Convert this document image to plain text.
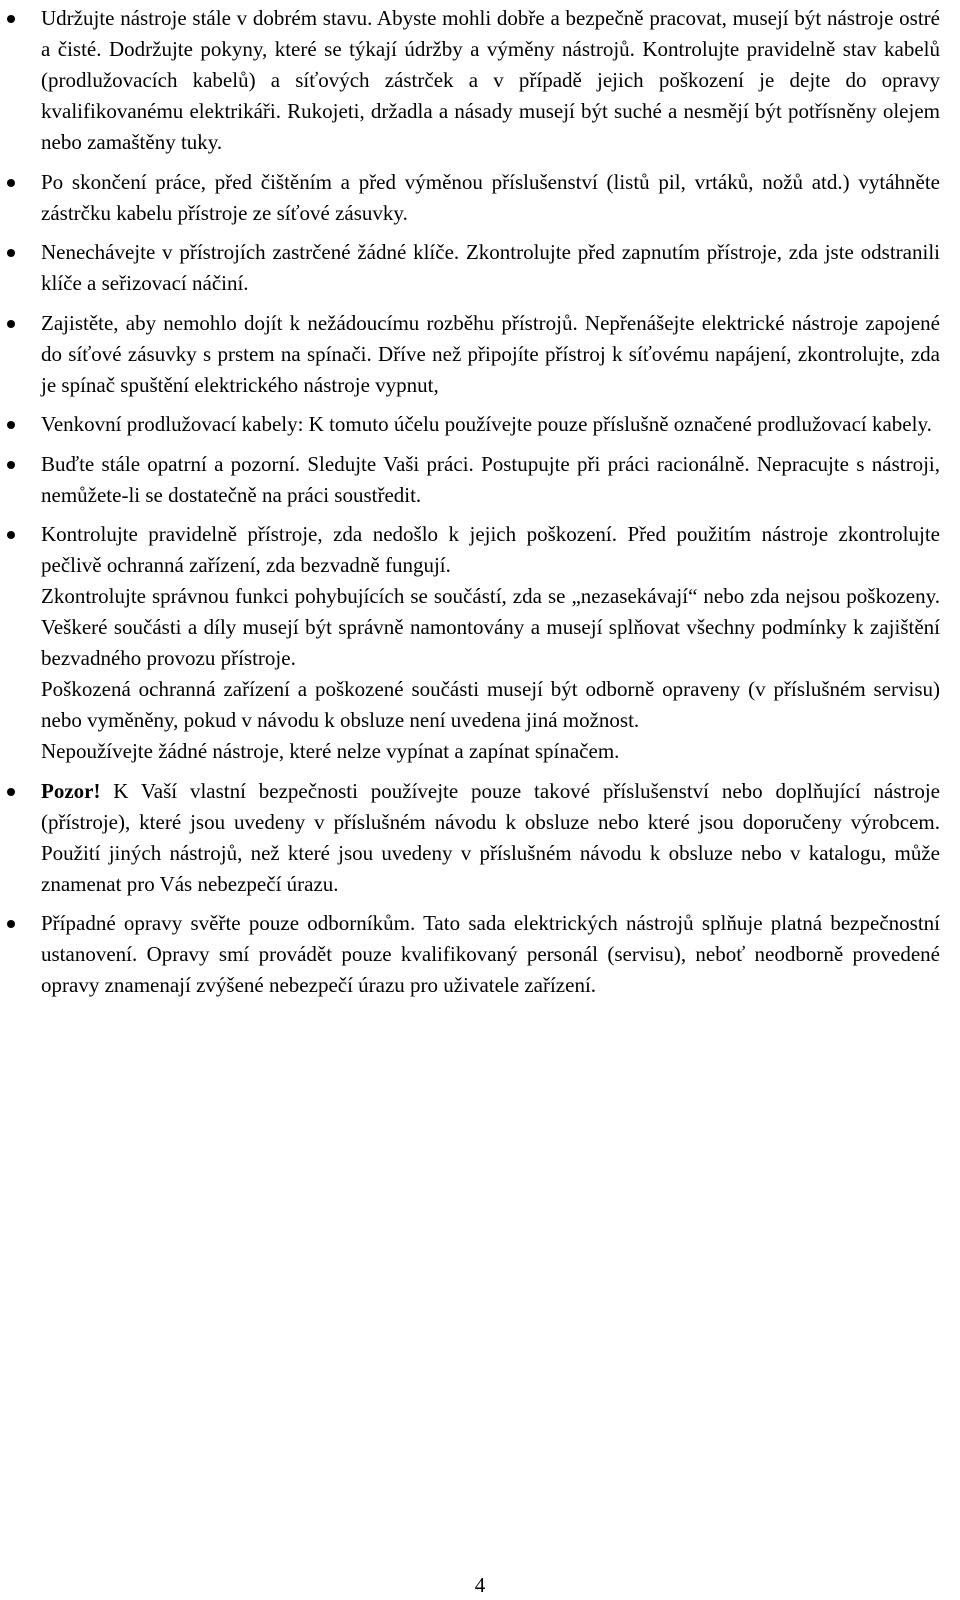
Udržujte nástroje stále v dobrém stavu. Abyste mohli dobře a bezpečně pracovat, musejí být nástroje ostré a čisté. Dodržujte pokyny, které se týkají údržby a výměny nástrojů. Kontrolujte pravidelně stav kabelů (prodlužovacích kabelů) a síťových zástrček a v případě jejich poškození je dejte do opravy kvalifikovanému elektrikáři. Rukojeti, držadla a násady musejí být suché a nesmějí být potřísněny olejem nebo zamaštěny tuky.

Po skončení práce, před čištěním a před výměnou příslušenství (listů pil, vrtáků, nožů atd.) vytáhněte zástrčku kabelu přístroje ze síťové zásuvky.

Nenechávejte v přístrojích zastrčené žádné klíče. Zkontrolujte před zapnutím přístroje, zda jste odstranili klíče a seřizovací náčiní.

Zajistěte, aby nemohlo dojít k nežádoucímu rozběhu přístrojů. Nepřenášejte elektrické nástroje zapojené do síťové zásuvky s prstem na spínači. Dříve než připojíte přístroj k síťovému napájení, zkontrolujte, zda je spínač spuštění elektrického nástroje vypnut,

Venkovní prodlužovací kabely: K tomuto účelu používejte pouze příslušně označené prodlužovací kabely.

Buďte stále opatrní a pozorní. Sledujte Vaši práci. Postupujte při práci racionálně. Nepracujte s nástroji, nemůžete-li se dostatečně na práci soustředit.

Kontrolujte pravidelně přístroje, zda nedošlo k jejich poškození. Před použitím nástroje zkontrolujte pečlivě ochranná zařízení, zda bezvadně fungují.

Zkontrolujte správnou funkci pohybujících se součástí, zda se „nezasekávají“ nebo zda nejsou poškozeny. Veškeré součásti a díly musejí být správně namontovány a musejí splňovat všechny podmínky k zajištění bezvadného provozu přístroje.

Poškozená ochranná zařízení a poškozené součásti musejí být odborně opraveny (v příslušném servisu) nebo vyměněny, pokud v návodu k obsluze není uvedena jiná možnost.

Nepoužívejte žádné nástroje, které nelze vypínat a zapínat spínačem.

Pozor! K Vaší vlastní bezpečnosti používejte pouze takové příslušenství nebo doplňující nástroje (přístroje), které jsou uvedeny v příslušném návodu k obsluze nebo které jsou doporučeny výrobcem. Použití jiných nástrojů, než které jsou uvedeny v příslušném návodu k obsluze nebo v katalogu, může znamenat pro Vás nebezpečí úrazu.

Případné opravy svěřte pouze odborníkům. Tato sada elektrických nástrojů splňuje platná bezpečnostní ustanovení. Opravy smí provádět pouze kvalifikovaný personál (servisu), neboť neodborně provedené opravy znamenají zvýšené nebezpečí úrazu pro uživatele zařízení.

4
